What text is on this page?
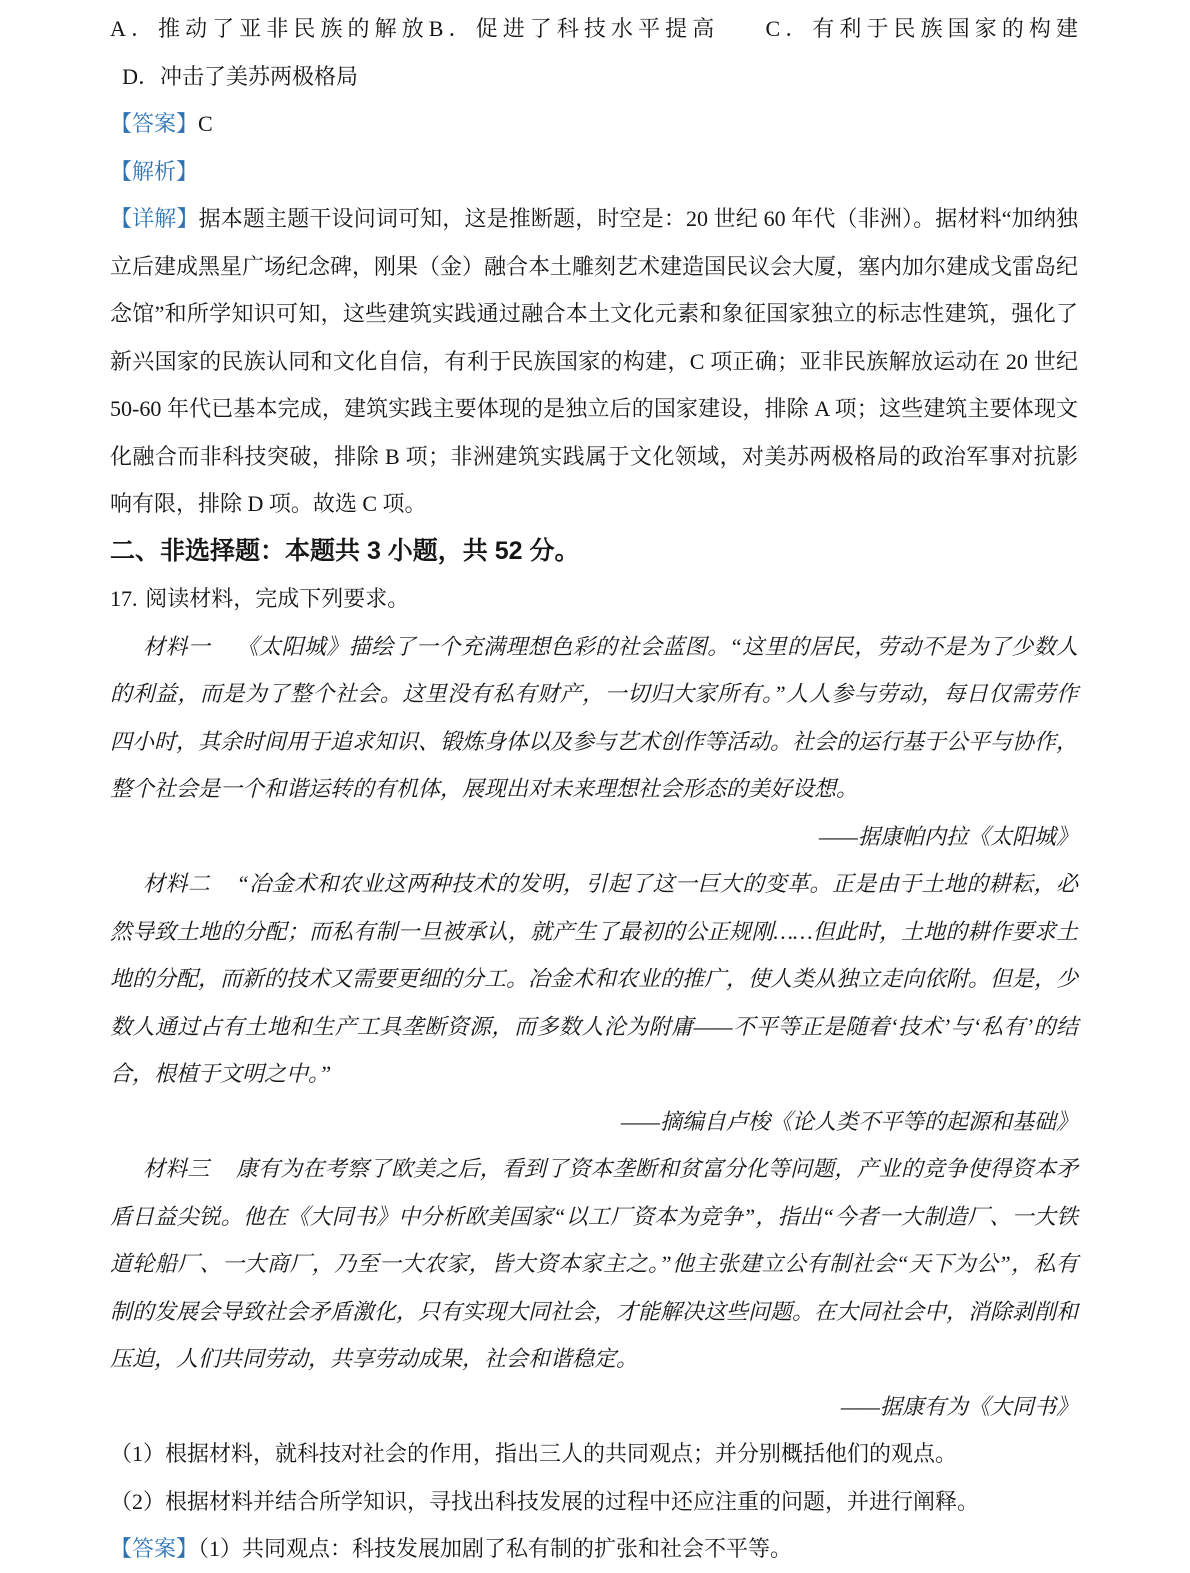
A．推动了亚非民族的解放B．促进了科技水平提高 C．有利于民族国家的构建D．冲击了美苏两极格局

【答案】C

【解析】

【详解】据本题主题干设问词可知，这是推断题，时空是：20 世纪 60 年代（非洲）。据材料“加纳独立后建成黑星广场纪念碑，刚果（金）融合本土雕刻艺术建造国民议会大厦，塞内加尔建成戈雷岛纪念馆”和所学知识可知，这些建筑实践通过融合本土文化元素和象征国家独立的标志性建筑，强化了新兴国家的民族认同和文化自信，有利于民族国家的构建，C 项正确；亚非民族解放运动在 20 世纪 50-60 年代已基本完成，建筑实践主要体现的是独立后的国家建设，排除 A 项；这些建筑主要体现文化融合而非科技突破，排除 B 项；非洲建筑实践属于文化领域，对美苏两极格局的政治军事对抗影响有限，排除 D 项。故选 C 项。

二、非选择题：本题共 3 小题，共 52 分。

17. 阅读材料，完成下列要求。

材料一 《太阳城》描绘了一个充满理想色彩的社会蓝图。“这里的居民，劳动不是为了少数人的利益，而是为了整个社会。这里没有私有财产，一切归大家所有。”人人参与劳动，每日仅需劳作四小时，其余时间用于追求知识、锻炼身体以及参与艺术创作等活动。社会的运行基于公平与协作，整个社会是一个和谐运转的有机体，展现出对未来理想社会形态的美好设想。

——据康帕内拉《太阳城》

材料二 “冶金术和农业这两种技术的发明，引起了这一巨大的变革。正是由于土地的耕耘，必然导致土地的分配；而私有制一旦被承认，就产生了最初的公正规刚……但此时，土地的耕作要求土地的分配，而新的技术又需要更细的分工。冶金术和农业的推广，使人类从独立走向依附。但是，少数人通过占有土地和生产工具垄断资源，而多数人沦为附庸——不平等正是随着‘技术’与‘私有’的结合，根植于文明之中。”

——摘编自卢梭《论人类不平等的起源和基础》

材料三 康有为在考察了欧美之后，看到了资本垄断和贫富分化等问题，产业的竞争使得资本矛盾日益尖锐。他在《大同书》中分析欧美国家“以工厂资本为竞争”，指出“今者一大制造厂、一大铁道轮船厂、一大商厂，乃至一大农家，皆大资本家主之。”他主张建立公有制社会“天下为公”，私有制的发展会导致社会矛盾激化，只有实现大同社会，才能解决这些问题。在大同社会中，消除剥削和压迫，人们共同劳动，共享劳动成果，社会和谐稳定。

——据康有为《大同书》

（1）根据材料，就科技对社会的作用，指出三人的共同观点；并分别概括他们的观点。

（2）根据材料并结合所学知识，寻找出科技发展的过程中还应注重的问题，并进行阐释。

【答案】（1）共同观点：科技发展加剧了私有制的扩张和社会不平等。
